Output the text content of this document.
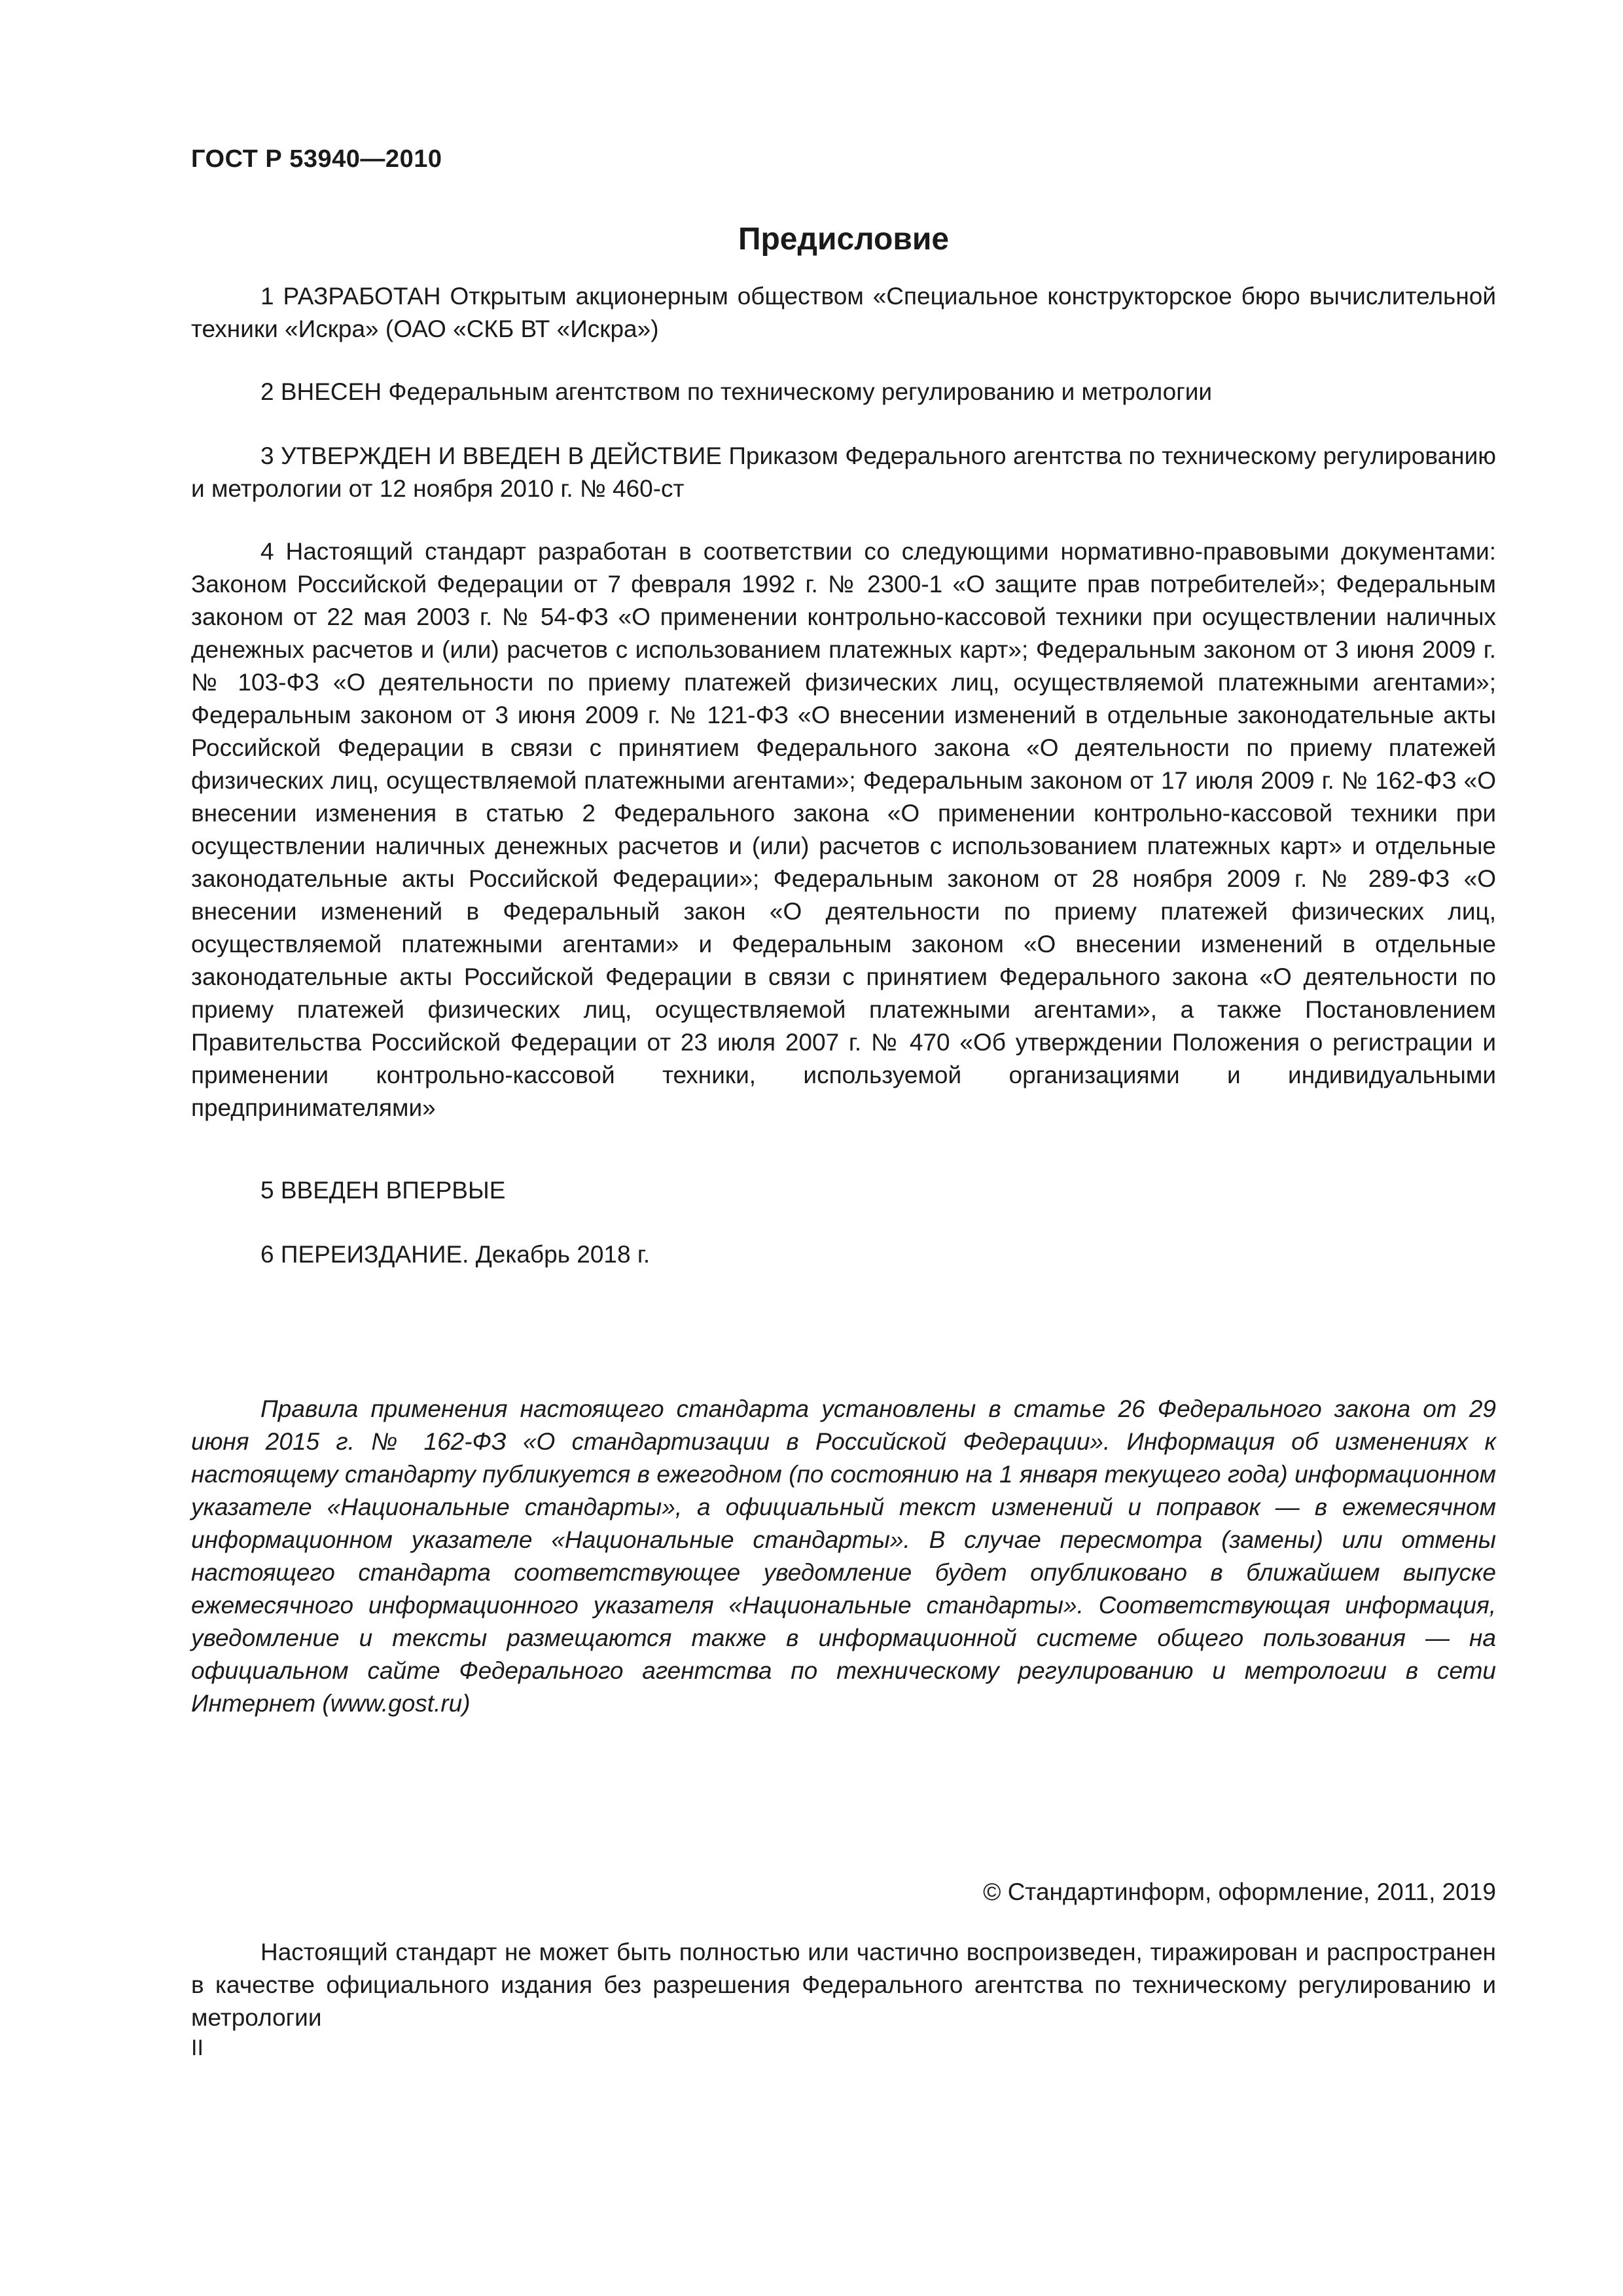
ГОСТ Р 53940—2010
Предисловие

1 РАЗРАБОТАН Открытым акционерным обществом «Специальное конструкторское бюро вычислительной техники «Искра» (ОАО «СКБ ВТ «Искра»)

2 ВНЕСЕН Федеральным агентством по техническому регулированию и метрологии

3 УТВЕРЖДЕН И ВВЕДЕН В ДЕЙСТВИЕ Приказом Федерального агентства по техническому регулированию и метрологии от 12 ноября 2010 г. № 460-ст

4 Настоящий стандарт разработан в соответствии со следующими нормативно-правовыми документами: Законом Российской Федерации от 7 февраля 1992 г. № 2300-1 «О защите прав потребителей»; Федеральным законом от 22 мая 2003 г. № 54-ФЗ «О применении контрольно-кассовой техники при осуществлении наличных денежных расчетов и (или) расчетов с использованием платежных карт»; Федеральным законом от 3 июня 2009 г. № 103-ФЗ «О деятельности по приему платежей физических лиц, осуществляемой платежными агентами»; Федеральным законом от 3 июня 2009 г. № 121-ФЗ «О внесении изменений в отдельные законодательные акты Российской Федерации в связи с принятием Федерального закона «О деятельности по приему платежей физических лиц, осуществляемой платежными агентами»; Федеральным законом от 17 июля 2009 г. № 162-ФЗ «О внесении изменения в статью 2 Федерального закона «О применении контрольно-кассовой техники при осуществлении наличных денежных расчетов и (или) расчетов с использованием платежных карт» и отдельные законодательные акты Российской Федерации»; Федеральным законом от 28 ноября 2009 г. № 289-ФЗ «О внесении изменений в Федеральный закон «О деятельности по приему платежей физических лиц, осуществляемой платежными агентами» и Федеральным законом «О внесении изменений в отдельные законодательные акты Российской Федерации в связи с принятием Федерального закона «О деятельности по приему платежей физических лиц, осуществляемой платежными агентами», а также Постановлением Правительства Российской Федерации от 23 июля 2007 г. № 470 «Об утверждении Положения о регистрации и применении контрольно-кассовой техники, используемой организациями и индивидуальными предпринимателями»

5 ВВЕДЕН ВПЕРВЫЕ

6 ПЕРЕИЗДАНИЕ. Декабрь 2018 г.

Правила применения настоящего стандарта установлены в статье 26 Федерального закона от 29 июня 2015 г. № 162-ФЗ «О стандартизации в Российской Федерации». Информация об изменениях к настоящему стандарту публикуется в ежегодном (по состоянию на 1 января текущего года) информационном указателе «Национальные стандарты», а официальный текст изменений и поправок — в ежемесячном информационном указателе «Национальные стандарты». В случае пересмотра (замены) или отмены настоящего стандарта соответствующее уведомление будет опубликовано в ближайшем выпуске ежемесячного информационного указателя «Национальные стандарты». Соответствующая информация, уведомление и тексты размещаются также в информационной системе общего пользования — на официальном сайте Федерального агентства по техническому регулированию и метрологии в сети Интернет (www.gost.ru)

© Стандартинформ, оформление, 2011, 2019

Настоящий стандарт не может быть полностью или частично воспроизведен, тиражирован и распространен в качестве официального издания без разрешения Федерального агентства по техническому регулированию и метрологии

II
